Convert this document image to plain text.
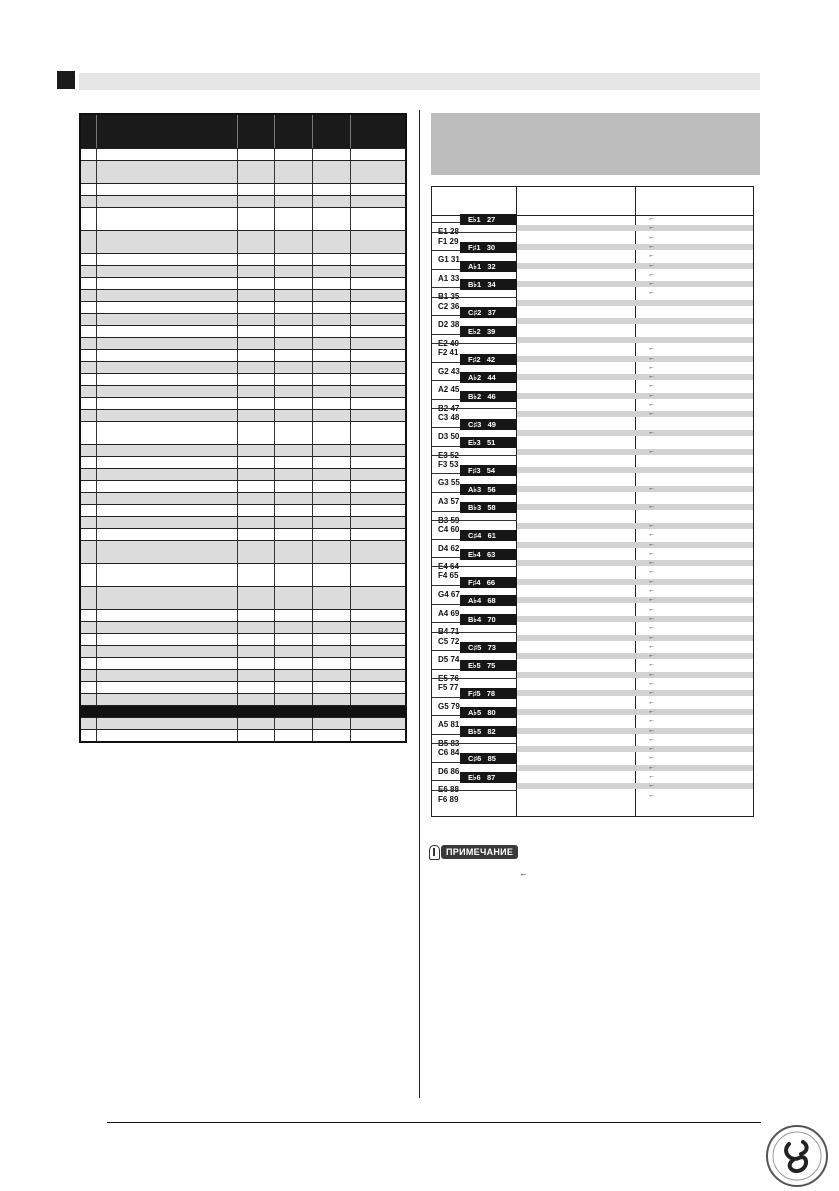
←
←
←
←
←
←
←
←
←
←
←
←
←
←
←
←
←
←
←
←
←
←
←
←
←
←
←
←
←
←
←
←
←
←
←
←
←
←
←
←
←
←
←
←
←
←
←
←
←
←
←
E1 28
F1 29
G1 31
A1 33
B1 35
C2 36
D2 38
E2 40
F2 41
G2 43
A2 45
B2 47
C3 48
D3 50
E3 52
F3 53
G3 55
A3 57
B3 59
C4 60
D4 62
E4 64
F4 65
G4 67
A4 69
B4 71
C5 72
D5 74
E5 76
F5 77
G5 79
A5 81
B5 83
C6 84
D6 86
E6 88
F6 89
E♭1   27
F♯1   30
A♭1   32
B♭1   34
C♯2   37
E♭2   39
F♯2   42
A♭2   44
B♭2   46
C♯3   49
E♭3   51
F♯3   54
A♭3   56
B♭3   58
C♯4   61
E♭4   63
F♯4   66
A♭4   68
B♭4   70
C♯5   73
E♭5   75
F♯5   78
A♭5   80
B♭5   82
C♯6   85
E♭6   87
ПРИМЕЧАНИЕ
←
